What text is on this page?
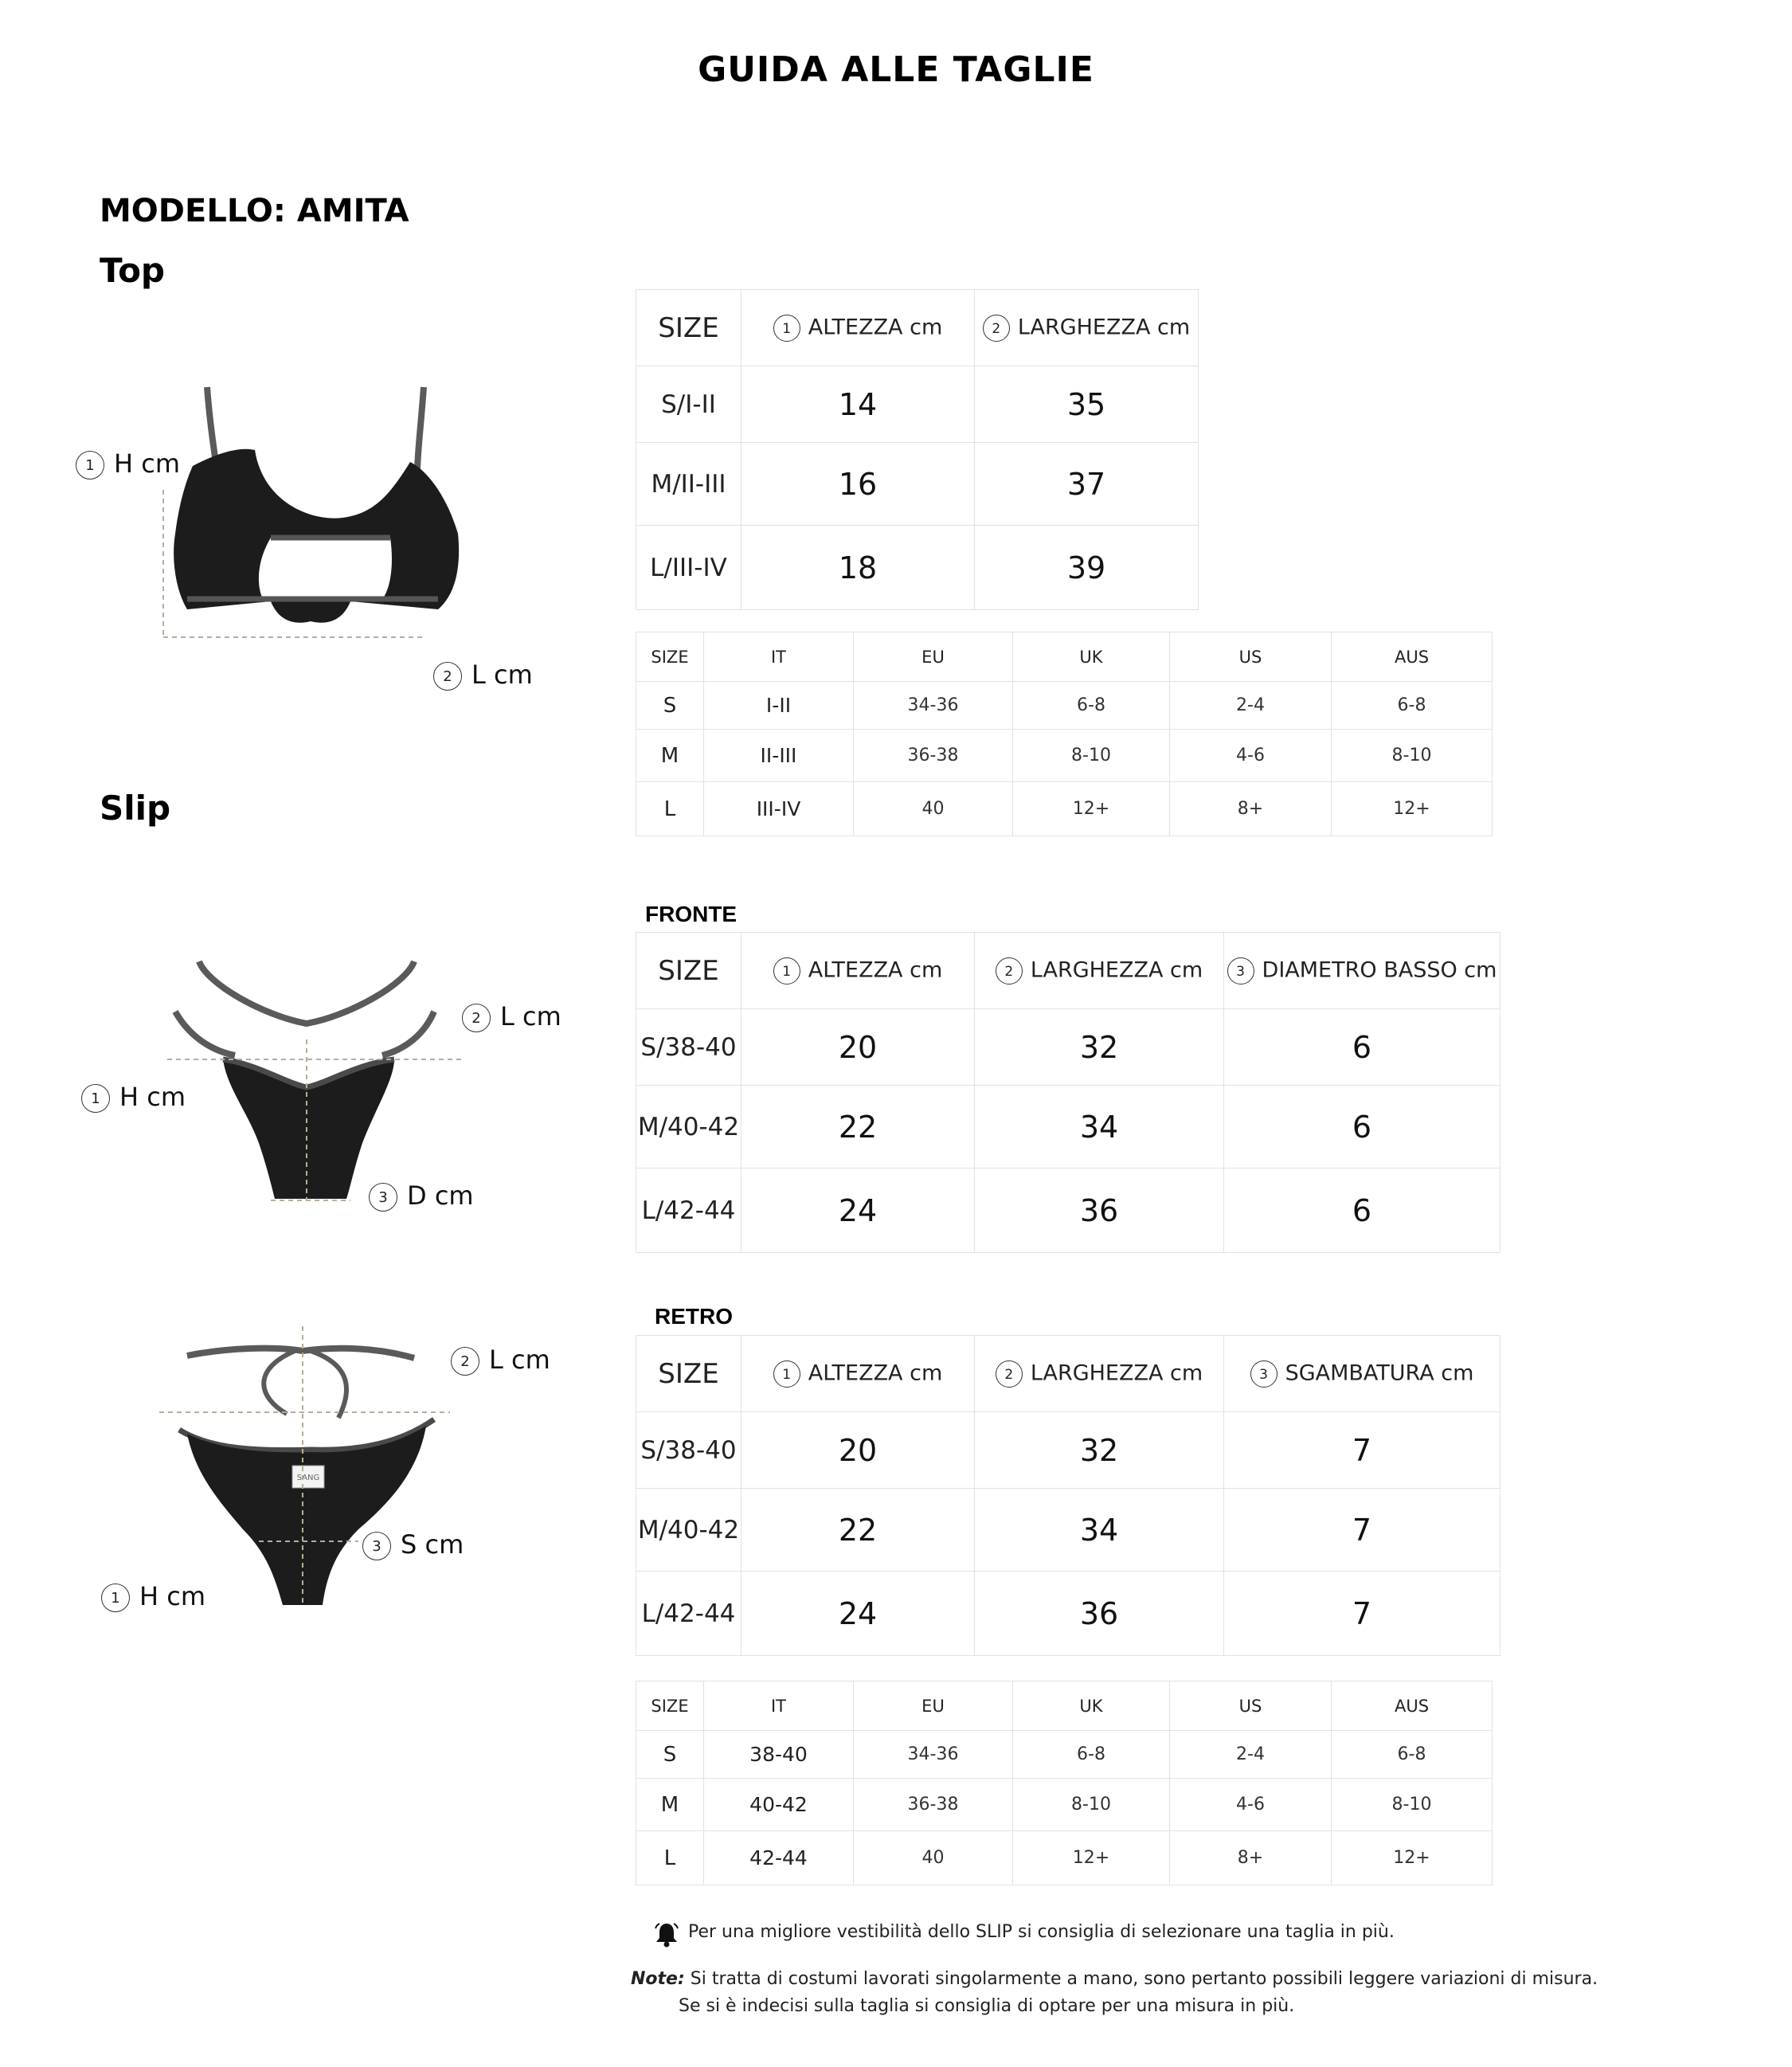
GUIDA ALLE TAGLIE
MODELLO: AMITA
Top
Slip
FRONTE
RETRO
1 H cm
2 L cm
2 L cm
1 H cm
3 D cm
SANG
2 L cm
3 S cm
1 H cm
SIZE	1 ALTEZZA cm	2 LARGHEZZA cm
S/I-II	14	35
M/II-III	16	37
L/III-IV	18	39
SIZE	IT	EU	UK	US	AUS
S	I-II	34-36	6-8	2-4	6-8
M	II-III	36-38	8-10	4-6	8-10
L	III-IV	40	12+	8+	12+
SIZE	1 ALTEZZA cm	2 LARGHEZZA cm	3 DIAMETRO BASSO cm
S/38-40	20	32	6
M/40-42	22	34	6
L/42-44	24	36	6
SIZE	1 ALTEZZA cm	2 LARGHEZZA cm	3 SGAMBATURA cm
S/38-40	20	32	7
M/40-42	22	34	7
L/42-44	24	36	7
SIZE	IT	EU	UK	US	AUS
S	38-40	34-36	6-8	2-4	6-8
M	40-42	36-38	8-10	4-6	8-10
L	42-44	40	12+	8+	12+
Per una migliore vestibilità dello SLIP si consiglia di selezionare una taglia in più.
Note: Si tratta di costumi lavorati singolarmente a mano, sono pertanto possibili leggere variazioni di misura.
Se si è indecisi sulla taglia si consiglia di optare per una misura in più.
